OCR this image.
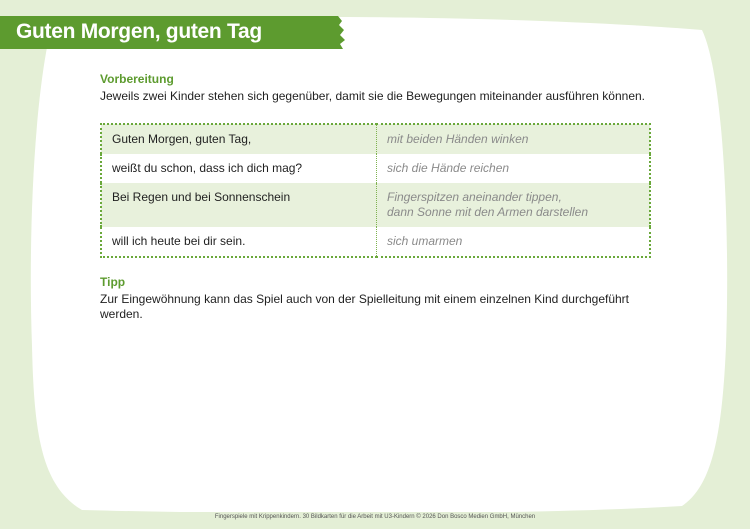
Guten Morgen, guten Tag
Vorbereitung
Jeweils zwei Kinder stehen sich gegenüber, damit sie die Bewegungen miteinander ausführen können.
Guten Morgen, guten Tag,	mit beiden Händen winken
weißt du schon, dass ich dich mag?	sich die Hände reichen
Bei Regen und bei Sonnenschein	Fingerspitzen aneinander tippen,
dann Sonne mit den Armen darstellen

will ich heute bei dir sein.	sich umarmen
Tipp
Zur Eingewöhnung kann das Spiel auch von der Spielleitung mit einem einzelnen Kind durchgeführt werden.
Fingerspiele mit Krippenkindern. 30 Bildkarten für die Arbeit mit U3-Kindern © 2026 Don Bosco Medien GmbH, München
